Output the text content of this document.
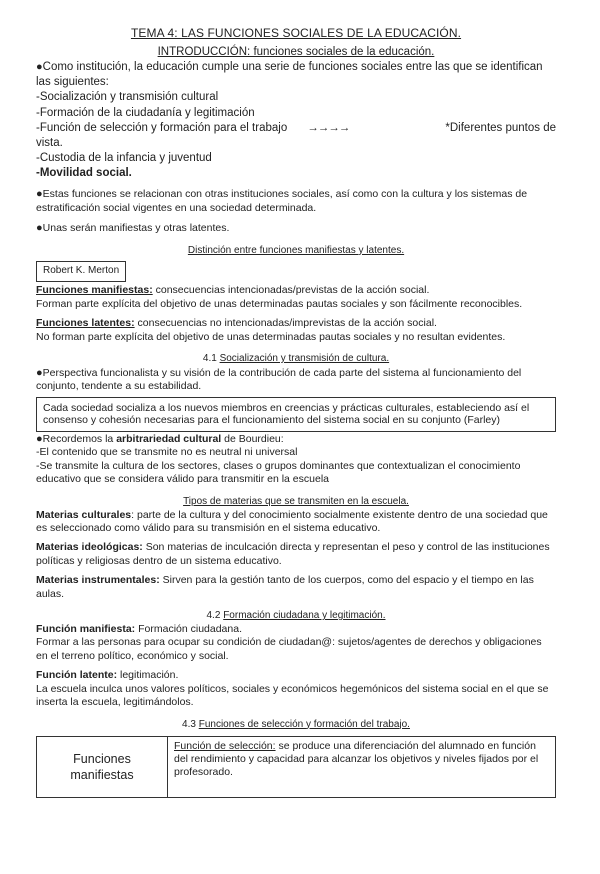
TEMA 4: LAS FUNCIONES SOCIALES DE LA EDUCACIÓN.
INTRODUCCIÓN: funciones sociales de la educación.

●Como institución, la educación cumple una serie de funciones sociales entre las que se identifican las siguientes:

-Socialización y transmisión cultural

-Formación de la ciudadanía y legitimación

-Función de selección y formación para el trabajo →→→→	*Diferentes puntos de

vista.

-Custodia de la infancia y juventud

-Movilidad social.

●Estas funciones se relacionan con otras instituciones sociales, así como con la cultura y los sistemas de estratificación social vigentes en una sociedad determinada.

●Unas serán manifiestas y otras latentes.

Distinción entre funciones manifiestas y latentes.
Robert K. Merton

Funciones manifiestas: consecuencias intencionadas/previstas de la acción social.

Forman parte explícita del objetivo de unas determinadas pautas sociales y son fácilmente reconocibles.

Funciones latentes: consecuencias no intencionadas/imprevistas de la acción social.

No forman parte explícita del objetivo de unas determinadas pautas sociales y no resultan evidentes.

4.1 Socialización y transmisión de cultura.

●Perspectiva funcionalista y su visión de la contribución de cada parte del sistema al funcionamiento del conjunto, tendente a su estabilidad.

Cada sociedad socializa a los nuevos miembros en creencias y prácticas culturales, estableciendo así el consenso y cohesión necesarias para el funcionamiento del sistema social en su conjunto (Farley)

●Recordemos la arbitrariedad cultural de Bourdieu:

-El contenido que se transmite no es neutral ni universal

-Se transmite la cultura de los sectores, clases o grupos dominantes que contextualizan el conocimiento educativo que se considera válido para transmitir en la escuela

Tipos de materias que se transmiten en la escuela.

Materias culturales: parte de la cultura y del conocimiento socialmente existente dentro de una sociedad que es seleccionado como válido para su transmisión en el sistema educativo.

Materias ideológicas: Son materias de inculcación directa y representan el peso y control de las instituciones políticas y religiosas dentro de un sistema educativo.

Materias instrumentales: Sirven para la gestión tanto de los cuerpos, como del espacio y el tiempo en las aulas.

4.2 Formación ciudadana y legitimación.

Función manifiesta: Formación ciudadana.

Formar a las personas para ocupar su condición de ciudadan@: sujetos/agentes de derechos y obligaciones en el terreno político, económico y social.

Función latente: legitimación.

La escuela inculca unos valores políticos, sociales y económicos hegemónicos del sistema social en el que se inserta la escuela, legitimándolos.

4.3 Funciones de selección y formación del trabajo.
Funciones manifiestas	Función de selección: se produce una diferenciación del alumnado en función del rendimiento y capacidad para alcanzar los objetivos y niveles fijados por el profesorado.
